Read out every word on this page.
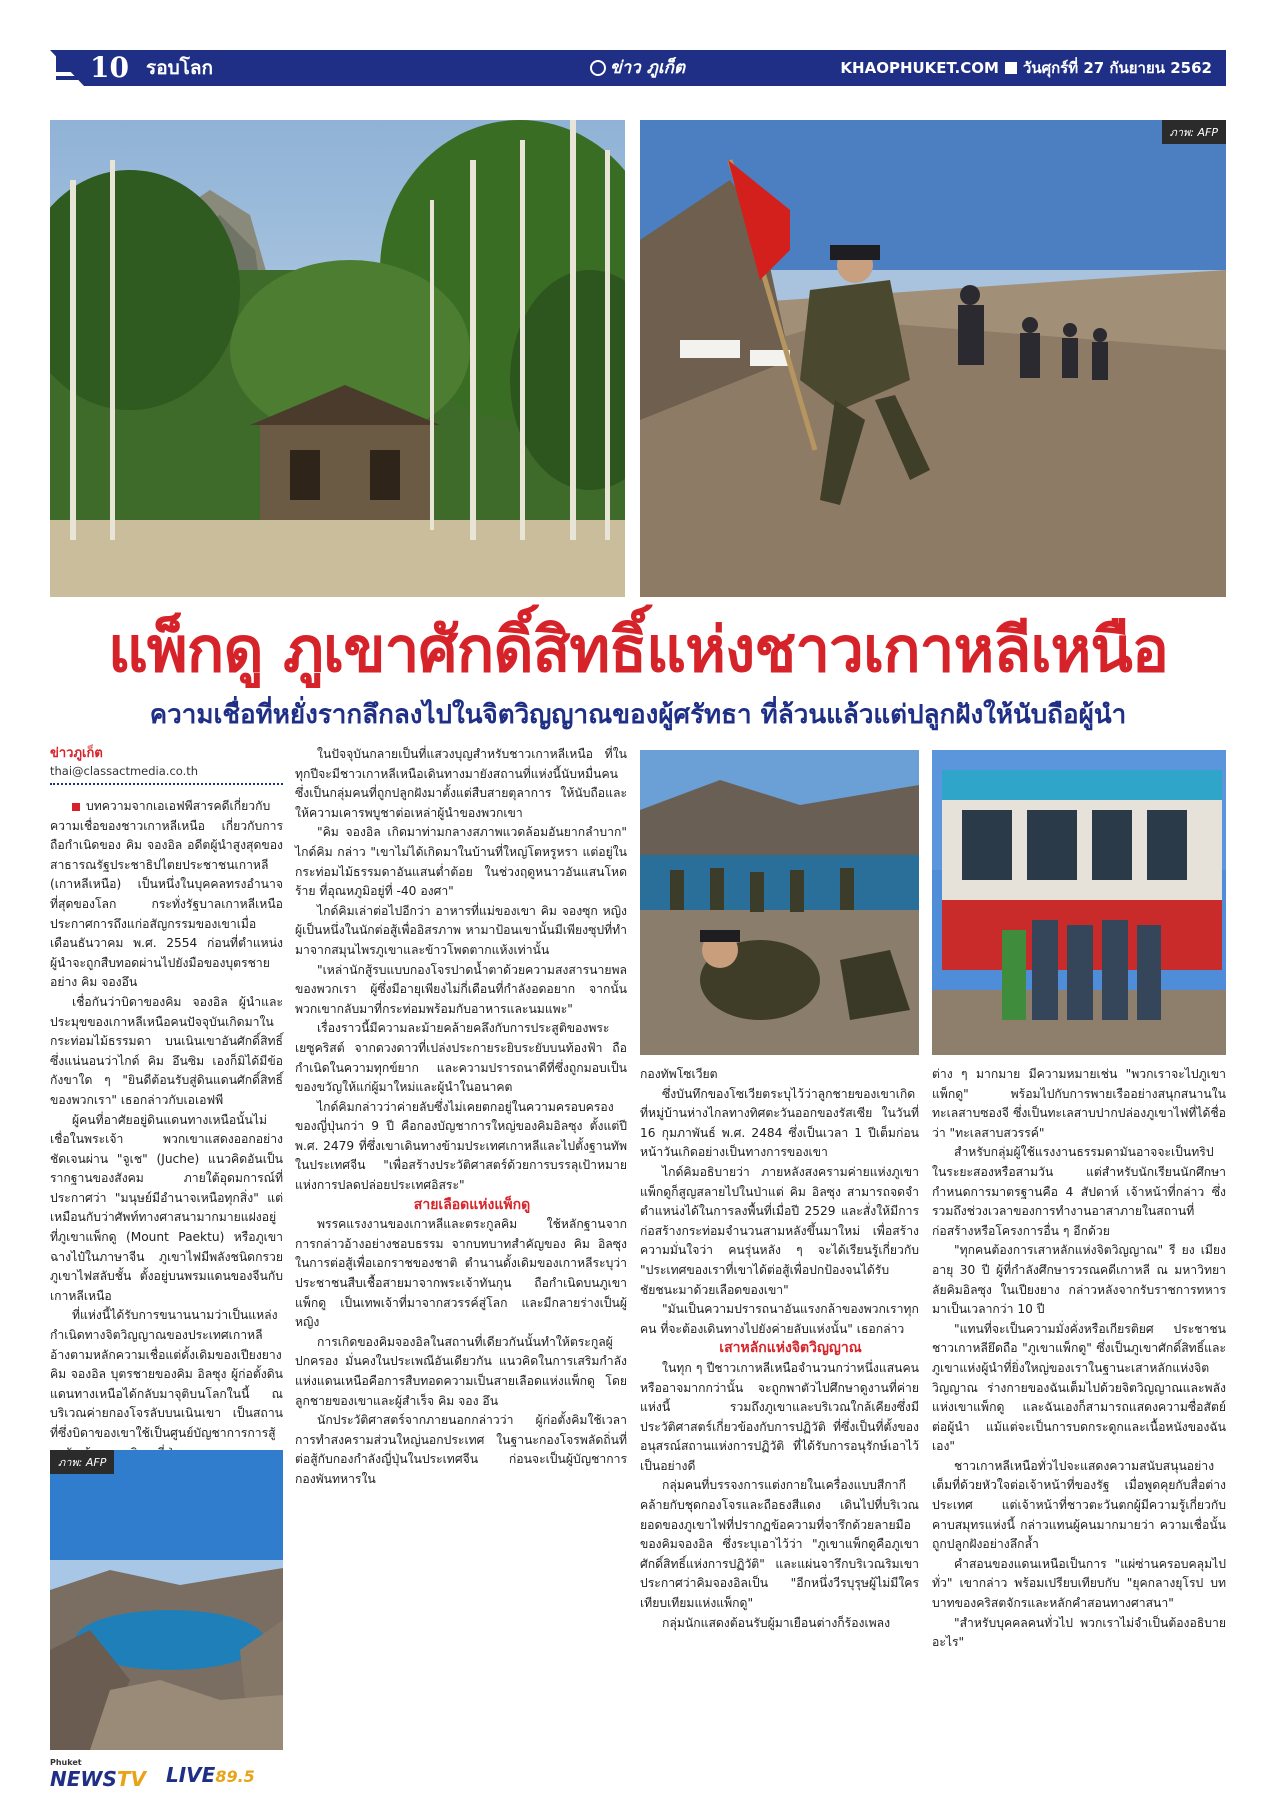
10 รอบโลก	ข่าว ภูเก็ต	KHAOPHUKET.COM วันศุกร์ที่ 27 กันยายน 2562
ภาพ: AFP
แพ็กดู ภูเขาศักดิ์สิทธิ์แห่งชาวเกาหลีเหนือ
ความเชื่อที่หยั่งรากลึกลงไปในจิตวิญญาณของผู้ศรัทธา ที่ล้วนแล้วแต่ปลูกฝังให้นับถือผู้นำ
ข่าวภูเก็ต
thai@classactmedia.co.th

บทความจากเอเอฟพีสารคดีเกี่ยวกับความเชื่อของชาวเกาหลีเหนือ เกี่ยวกับการถือกำเนิดของ คิม จองอิล อดีตผู้นำสูงสุดของสาธารณรัฐประชาธิปไตยประชาชนเกาหลี (เกาหลีเหนือ) เป็นหนึ่งในบุคคลทรงอำนาจที่สุดของโลก กระทั่งรัฐบาลเกาหลีเหนือประกาศการถึงแก่อสัญกรรมของเขาเมื่อเดือนธันวาคม พ.ศ. 2554 ก่อนที่ตำแหน่งผู้นำจะถูกสืบทอดผ่านไปยังมือของบุตรชายอย่าง คิม จองอึน

เชื่อกันว่าบิดาของคิม จองอิล ผู้นำและประมุขของเกาหลีเหนือคนปัจจุบันเกิดมาในกระท่อมไม้ธรรมดา บนเนินเขาอันศักดิ์สิทธิ์ ซึ่งแน่นอนว่าไกด์ คิม อึนซิม เองก็มิได้มีข้อกังขาใด ๆ "ยินดีต้อนรับสู่ดินแดนศักดิ์สิทธิ์ของพวกเรา" เธอกล่าวกับเอเอฟพี

ผู้คนที่อาศัยอยู่ดินแดนทางเหนือนั้นไม่เชื่อในพระเจ้า พวกเขาแสดงออกอย่างชัดเจนผ่าน "จูเช" (Juche) แนวคิดอันเป็นรากฐานของสังคม ภายใต้อุดมการณ์ที่ประกาศว่า "มนุษย์มีอำนาจเหนือทุกสิ่ง" แต่เหมือนกับว่าศัพท์ทางศาสนามากมายแฝงอยู่ที่ภูเขาแพ็กดู (Mount Paektu) หรือภูเขาฉางไป๋ในภาษาจีน ภูเขาไฟมีพลังชนิดกรวยภูเขาไฟสลับชั้น ตั้งอยู่บนพรมแดนของจีนกับเกาหลีเหนือ

ที่แห่งนี้ได้รับการขนานนามว่าเป็นแหล่งกำเนิดทางจิตวิญญาณของประเทศเกาหลี อ้างตามหลักความเชื่อแต่ดั้งเดิมของเปียงยาง คิม จองอิล บุตรชายของคิม อิลซุง ผู้ก่อตั้งดินแดนทางเหนือได้กลับมาจุติบนโลกในนี้ ณ บริเวณค่ายกองโจรลับบนเนินเขา เป็นสถานที่ซึ่งบิดาของเขาใช้เป็นศูนย์บัญชาการการสู้

ภาพ: AFP

ในปัจจุบันกลายเป็นที่แสวงบุญสำหรับชาวเกาหลีเหนือ ที่ในทุกปีจะมีชาวเกาหลีเหนือเดินทางมายังสถานที่แห่งนี้นับหมื่นคน ซึ่งเป็นกลุ่มคนที่ถูกปลูกฝังมาตั้งแต่สืบสายตุลาการ ให้นับถือและให้ความเคารพบูชาต่อเหล่าผู้นำของพวกเขา

"คิม จองอิล เกิดมาท่ามกลางสภาพแวดล้อมอันยากลำบาก" ไกด์คิม กล่าว "เขาไม่ได้เกิดมาในบ้านที่ใหญ่โตหรูหรา แต่อยู่ในกระท่อมไม้ธรรมดาอันแสนต่ำต้อย ในช่วงฤดูหนาวอันแสนโหดร้าย ที่อุณหภูมิอยู่ที่ -40 องศา"

ไกด์คิมเล่าต่อไปอีกว่า อาหารที่แม่ของเขา คิม จองซุก หญิงผู้เป็นหนึ่งในนักต่อสู้เพื่ออิสรภาพ หามาป้อนเขานั้นมีเพียงซุปที่ทำมาจากสมุนไพรภูเขาและข้าวโพดตากแห้งเท่านั้น

"เหล่านักสู้รบแบบกองโจรปาดน้ำตาด้วยความสงสารนายพลของพวกเรา ผู้ซึ่งมีอายุเพียงไม่กี่เดือนที่กำลังอดอยาก จากนั้นพวกเขากลับมาที่กระท่อมพร้อมกับอาหารและนมแพะ"

เรื่องราวนี้มีความละม้ายคล้ายคลึงกับการประสูติของพระเยซูคริสต์ จากดวงดาวที่เปล่งประกายระยิบระยับบนท้องฟ้า ถือกำเนิดในความทุกข์ยาก และความปรารถนาดีที่ซึ่งถูกมอบเป็นของขวัญให้แก่ผู้มาใหม่และผู้นำในอนาคต

ไกด์คิมกล่าวว่าค่ายลับซึ่งไม่เคยตกอยู่ในความครอบครองของญี่ปุ่นกว่า 9 ปี คือกองบัญชาการใหญ่ของคิมอิลซุง ตั้งแต่ปี พ.ศ. 2479 ที่ซึ่งเขาเดินทางข้ามประเทศเกาหลีและไปตั้งฐานทัพในประเทศจีน "เพื่อสร้างประวัติศาสตร์ด้วยการบรรลุเป้าหมายแห่งการปลดปล่อยประเทศอิสระ"

สายเลือดแห่งแพ็กดู

พรรคแรงงานของเกาหลีและตระกูลคิม ใช้หลักฐานจากการกล่าวอ้างอย่างชอบธรรม จากบทบาทสำคัญของ คิม อิลซุง ในการต่อสู้เพื่อเอกราชของชาติ ตำนานดั้งเดิมของเกาหลีระบุว่า ประชาชนสืบเชื้อสายมาจากพระเจ้าทันกุน ถือกำเนิดบนภูเขาแพ็กดู เป็นเทพเจ้าที่มาจากสวรรค์สู่โลก และมีกลายร่างเป็นผู้หญิง

การเกิดของคิมจองอิลในสถานที่เดียวกันนั้นทำให้ตระกูลผู้ปกครอง มั่นคงในประเพณีอันเดียวกัน แนวคิดในการเสริมกำลังแห่งแดนเหนือคือการสืบทอดความเป็นสายเลือดแห่งแพ็กดู โดยลูกชายของเขาและผู้สำเร็จ คิม จอง อึน

นักประวัติศาสตร์จากภายนอกกล่าวว่า ผู้ก่อตั้งคิมใช้เวลาการทำสงครามส่วนใหญ่นอกประเทศ ในฐานะกองโจรพลัดถิ่นที่ต่อสู้กับกองกำลังญี่ปุ่นในประเทศจีน ก่อนจะเป็นผู้บัญชาการกองพันทหารใน

กองทัพโซเวียต

ซึ่งบันทึกของโซเวียตระบุไว้ว่าลูกชายของเขาเกิดที่หมู่บ้านห่างไกลทางทิศตะวันออกของรัสเซีย ในวันที่ 16 กุมภาพันธ์ พ.ศ. 2484 ซึ่งเป็นเวลา 1 ปีเต็มก่อนหน้าวันเกิดอย่างเป็นทางการของเขา

ไกด์คิมอธิบายว่า ภายหลังสงครามค่ายแห่งภูเขาแพ็กดูก็สูญสลายไปในป่าแต่ คิม อิลซุง สามารถจดจำตำแหน่งได้ในการลงพื้นที่เมื่อปี 2529 และสั่งให้มีการก่อสร้างกระท่อมจำนวนสามหลังขึ้นมาใหม่ เพื่อสร้างความมั่นใจว่า คนรุ่นหลัง ๆ จะได้เรียนรู้เกี่ยวกับ "ประเทศของเราที่เขาได้ต่อสู้เพื่อปกป้องจนได้รับชัยชนะมาด้วยเลือดของเขา"

"มันเป็นความปรารถนาอันแรงกล้าของพวกเราทุกคน ที่จะต้องเดินทางไปยังค่ายลับแห่งนั้น" เธอกล่าว

เสาหลักแห่งจิตวิญญาณ

ในทุก ๆ ปีชาวเกาหลีเหนือจำนวนกว่าหนึ่งแสนคนหรืออาจมากกว่านั้น จะถูกพาตัวไปศึกษาดูงานที่ค่ายแห่งนี้ รวมถึงภูเขาและบริเวณใกล้เคียงซึ่งมีประวัติศาสตร์เกี่ยวข้องกับการปฏิวัติ ที่ซึ่งเป็นที่ตั้งของอนุสรณ์สถานแห่งการปฏิวัติ ที่ได้รับการอนุรักษ์เอาไว้เป็นอย่างดี

กลุ่มคนที่บรรจงการแต่งกายในเครื่องแบบสีกากีคล้ายกับชุดกองโจรและถือธงสีแดง เดินไปที่บริเวณยอดของภูเขาไฟที่ปรากฏข้อความที่จารึกด้วยลายมือของคิมจองอิล ซึ่งระบุเอาไว้ว่า "ภูเขาแพ็กดูคือภูเขาศักดิ์สิทธิ์แห่งการปฏิวัติ" และแผ่นจารึกบริเวณริมเขาประกาศว่าคิมจองอิลเป็น "อีกหนึ่งวีรบุรุษผู้ไม่มีใครเทียบเทียมแห่งแพ็กดู"

กลุ่มนักแสดงต้อนรับผู้มาเยือนต่างก็ร้องเพลง

ต่าง ๆ มากมาย มีความหมายเช่น "พวกเราจะไปภูเขาแพ็กดู" พร้อมไปกับการพายเรืออย่างสนุกสนานในทะเลสาบซองจี ซึ่งเป็นทะเลสาบปากปล่องภูเขาไฟที่ได้ชื่อว่า "ทะเลสาบสวรรค์"

สำหรับกลุ่มผู้ใช้แรงงานธรรมดามันอาจจะเป็นทริปในระยะสองหรือสามวัน แต่สำหรับนักเรียนนักศึกษากำหนดการมาตรฐานคือ 4 สัปดาห์ เจ้าหน้าที่กล่าว ซึ่งรวมถึงช่วงเวลาของการทำงานอาสาภายในสถานที่ก่อสร้างหรือโครงการอื่น ๆ อีกด้วย

"ทุกคนต้องการเสาหลักแห่งจิตวิญญาณ" รี ยง เมียง อายุ 30 ปี ผู้ที่กำลังศึกษารวรณคดีเกาหลี ณ มหาวิทยาลัยคิมอิลซุง ในเปียงยาง กล่าวหลังจากรับราชการทหารมาเป็นเวลากว่า 10 ปี

"แทนที่จะเป็นความมั่งคั่งหรือเกียรติยศ ประชาชนชาวเกาหลียึดถือ "ภูเขาแพ็กดู" ซึ่งเป็นภูเขาศักดิ์สิทธิ์และภูเขาแห่งผู้นำที่ยิ่งใหญ่ของเราในฐานะเสาหลักแห่งจิตวิญญาณ ร่างกายของฉันเต็มไปด้วยจิตวิญญาณและพลังแห่งเขาแพ็กดู และฉันเองก็สามารถแสดงความซื่อสัตย์ต่อผู้นำ แม้แต่จะเป็นการบดกระดูกและเนื้อหนังของฉันเอง"

ชาวเกาหลีเหนือทั่วไปจะแสดงความสนับสนุนอย่างเต็มที่ด้วยหัวใจต่อเจ้าหน้าที่ของรัฐ เมื่อพูดคุยกับสื่อต่างประเทศ แต่เจ้าหน้าที่ชาวตะวันตกผู้มีความรู้เกี่ยวกับคาบสมุทรแห่งนี้ กล่าวแทนผู้คนมากมายว่า ความเชื่อนั้นถูกปลูกฝังอย่างลึกล้ำ

คำสอนของแดนเหนือเป็นการ "แผ่ซ่านครอบคลุมไปทั่ว" เขากล่าว พร้อมเปรียบเทียบกับ "ยุคกลางยุโรป บทบาทของคริสตจักรและหลักคำสอนทางศาสนา"

"สำหรับบุคคลคนทั่วไป พวกเราไม่จำเป็นต้องอธิบายอะไร"

Phuket
NEWSTV LIVE89.5
